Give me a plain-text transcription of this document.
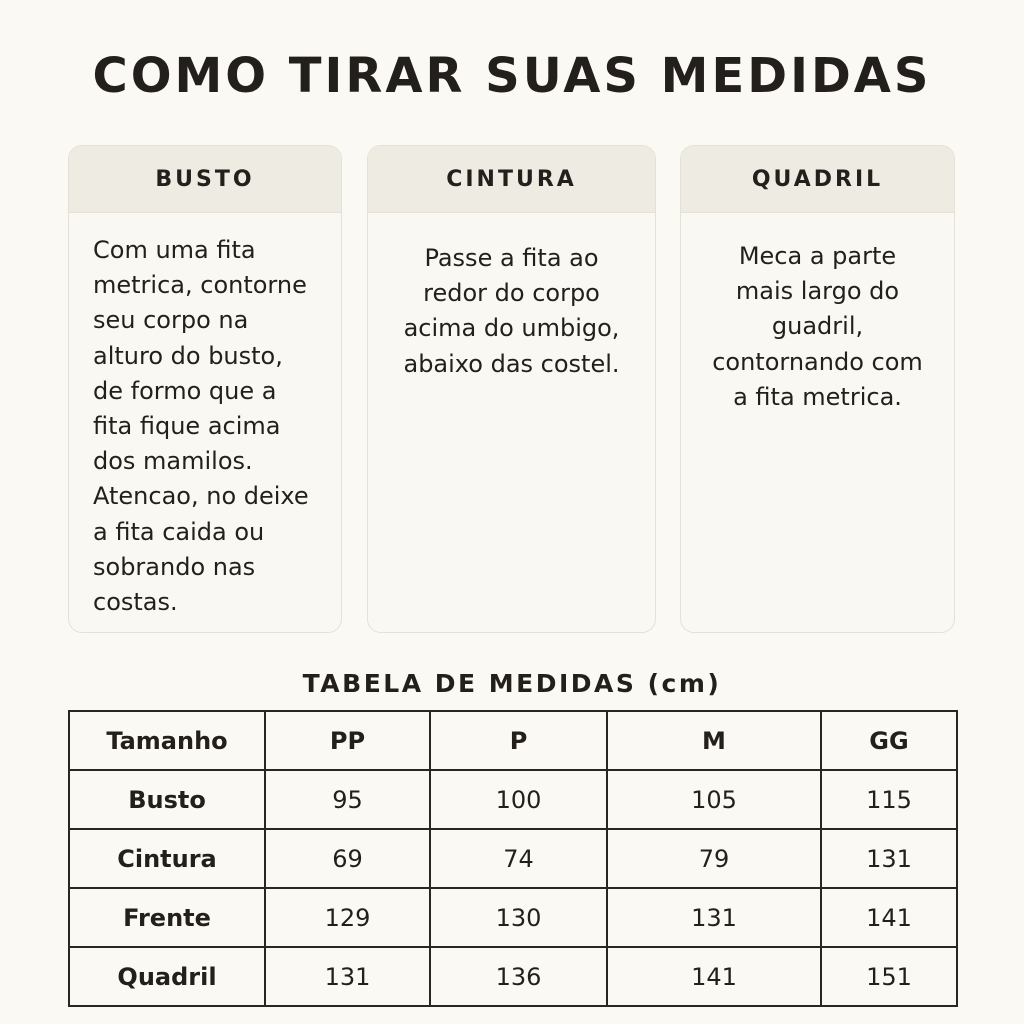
COMO TIRAR SUAS MEDIDAS
BUSTO
Com uma fita
metrica, contorne
seu corpo na
alturo do busto,
de formo que a
fita fique acima
dos mamilos.
Atencao, no deixe
a fita caida ou
sobrando nas
costas.
CINTURA
Passe a fita ao
redor do corpo
acima do umbigo,
abaixo das costel.
QUADRIL
Meca a parte
mais largo do
guadril,
contornando com
a fita metrica.
TABELA DE MEDIDAS (cm)
Tamanho	PP	P	M	GG
Busto	95	100	105	115
Cintura	69	74	79	131
Frente	129	130	131	141
Quadril	131	136	141	151
